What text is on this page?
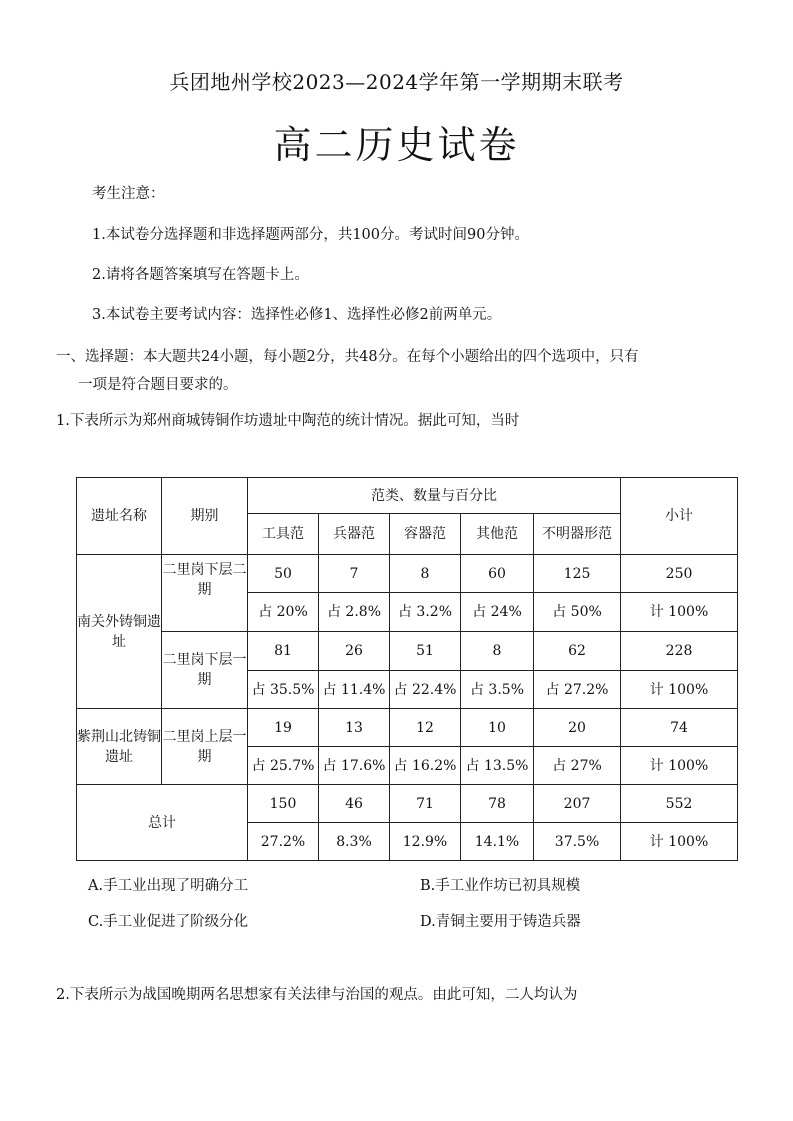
兵团地州学校2023—2024学年第一学期期末联考
高二历史试卷
考生注意：
1.本试卷分选择题和非选择题两部分，共100分。考试时间90分钟。
2.请将各题答案填写在答题卡上。
3.本试卷主要考试内容：选择性必修1、选择性必修2前两单元。
一、选择题：本大题共24小题，每小题2分，共48分。在每个小题给出的四个选项中，只有
一项是符合题目要求的。
1.下表所示为郑州商城铸铜作坊遗址中陶范的统计情况。据此可知，当时
遗址名称	期别	范类、数量与百分比					小计
		工具范	兵器范	容器范	其他范	不明器形范	
南关外铸铜遗址	二里岗下层二期	50	7	8	60	125	250
		占 20%	占 2.8%	占 3.2%	占 24%	占 50%	计 100%
	二里岗下层一期	81	26	51	8	62	228
		占 35.5%	占 11.4%	占 22.4%	占 3.5%	占 27.2%	计 100%
紫荆山北铸铜遗址	二里岗上层一期	19	13	12	10	20	74
		占 25.7%	占 17.6%	占 16.2%	占 13.5%	占 27%	计 100%
总计		150	46	71	78	207	552
		27.2%	8.3%	12.9%	14.1%	37.5%	计 100%
A.手工业出现了明确分工	B.手工业作坊已初具规模
C.手工业促进了阶级分化	D.青铜主要用于铸造兵器
2.下表所示为战国晚期两名思想家有关法律与治国的观点。由此可知，二人均认为
